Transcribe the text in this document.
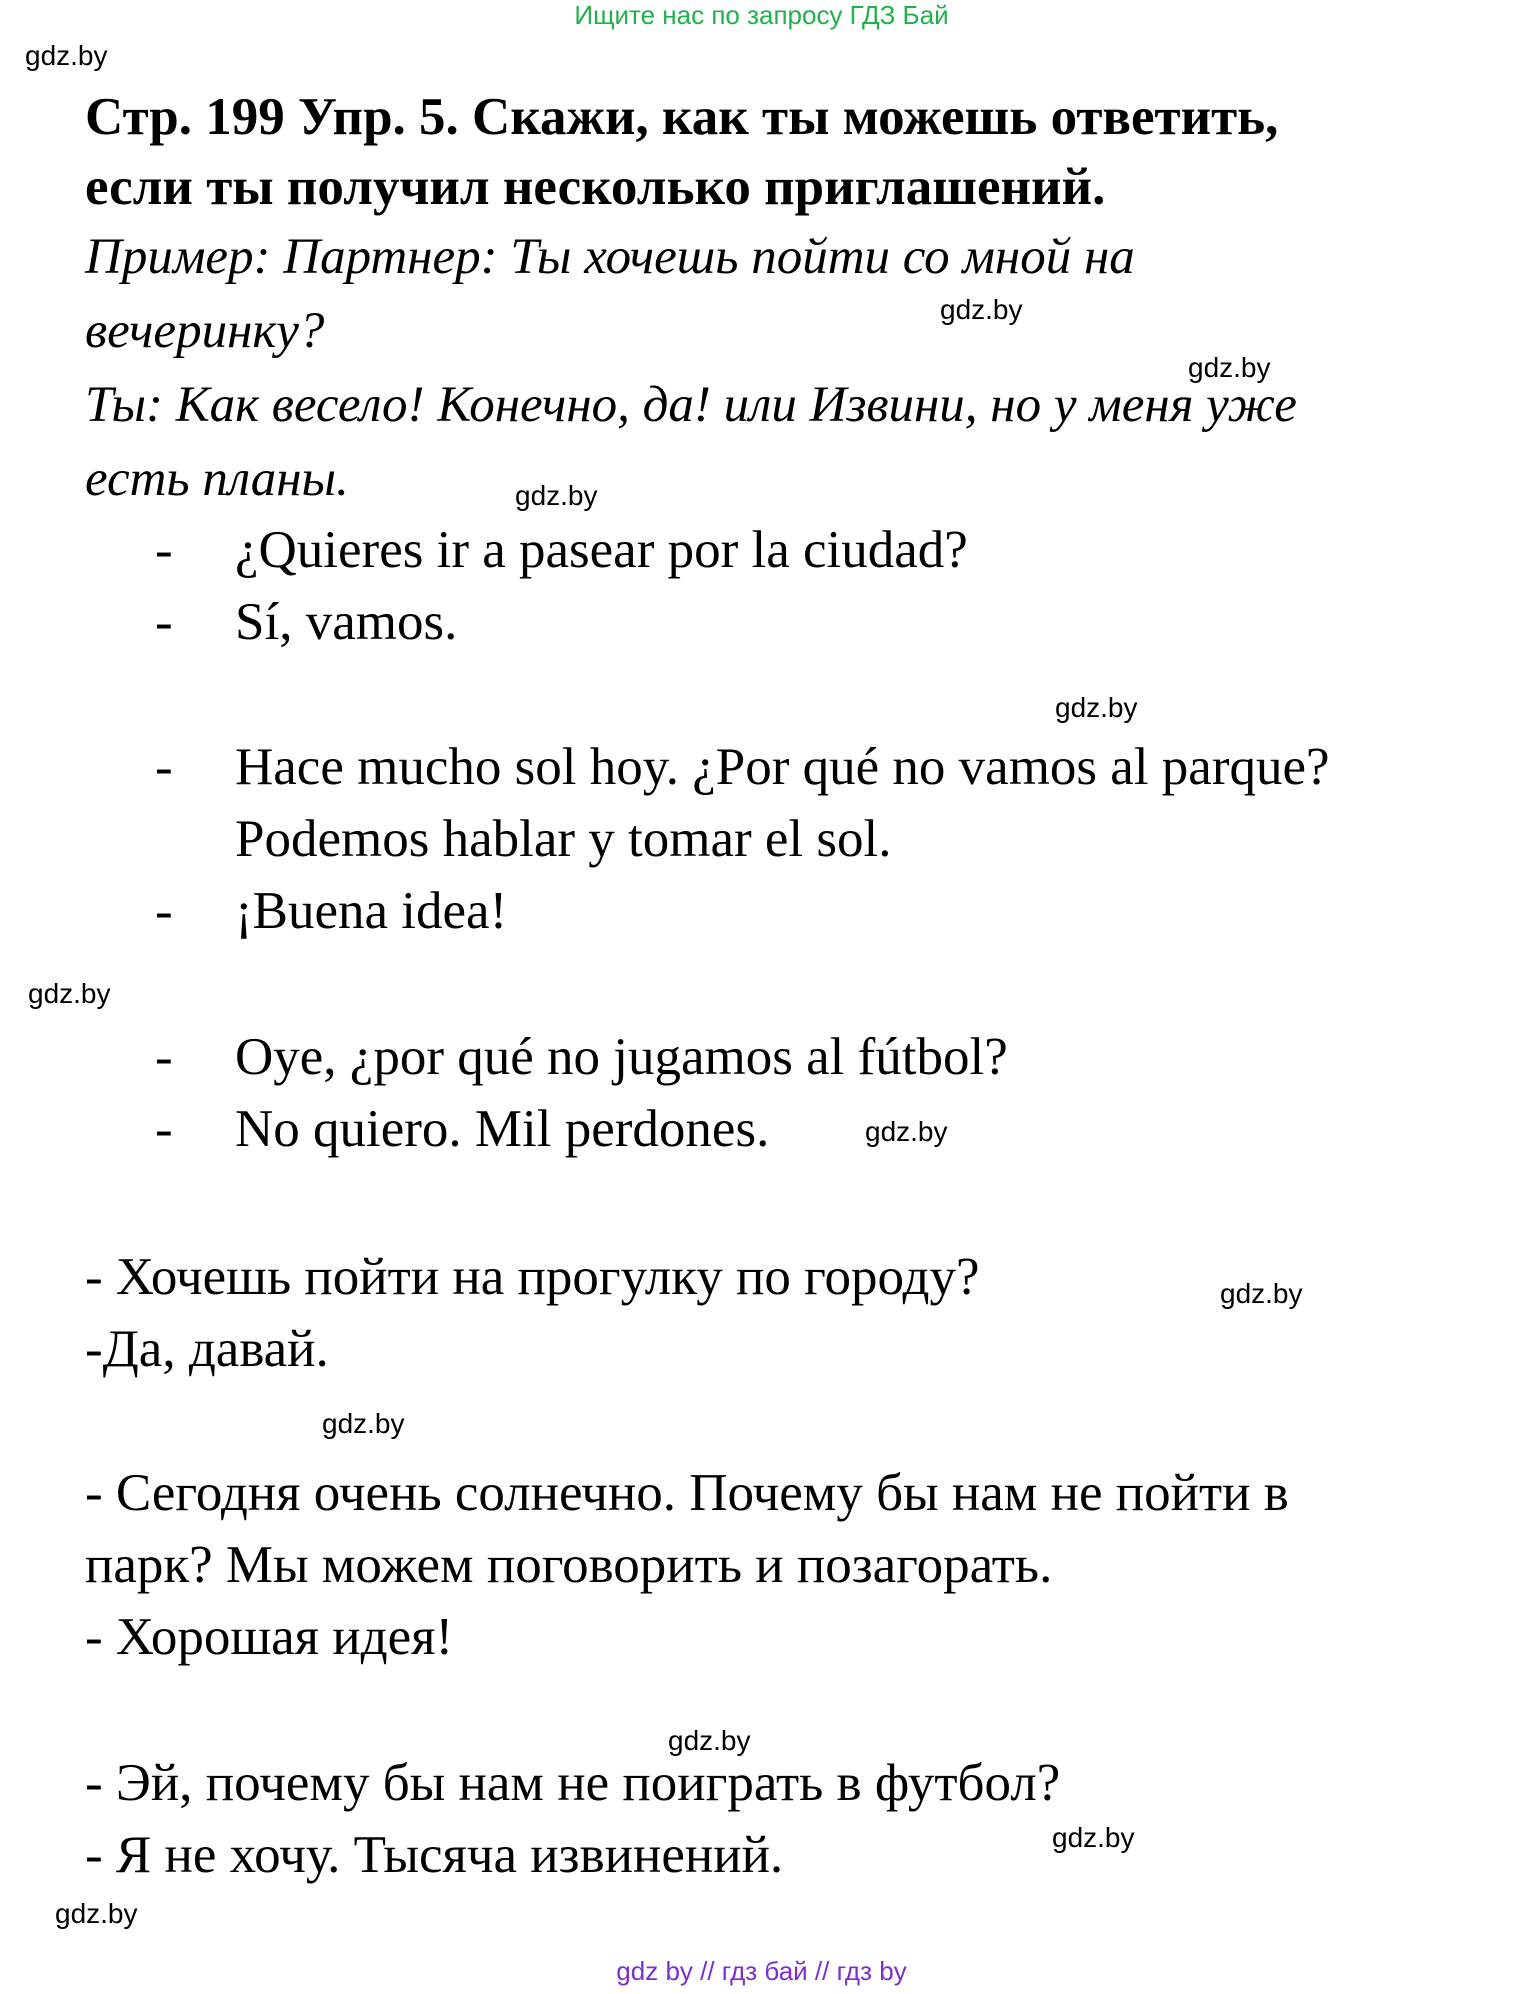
Ищите нас по запросу ГДЗ Бай
Стр. 199 Упр. 5. Скажи, как ты можешь ответить,
если ты получил несколько приглашений.
Пример: Партнер: Ты хочешь пойти со мной на
вечеринку?
Ты: Как весело! Конечно, да! или Извини, но у меня уже
есть планы.
- ¿Quieres ir a pasear por la ciudad?
- Sí, vamos.
- Hace mucho sol hoy. ¿Por qué no vamos al parque?
Podemos hablar y tomar el sol.
- ¡Buena idea!
- Oye, ¿por qué no jugamos al fútbol?
- No quiero. Mil perdones.
- Хочешь пойти на прогулку по городу?
-Да, давай.
- Сегодня очень солнечно. Почему бы нам не пойти в
парк? Мы можем поговорить и позагорать.
- Хорошая идея!
- Эй, почему бы нам не поиграть в футбол?
- Я не хочу. Тысяча извинений.
gdz.by
gdz.by
gdz.by
gdz.by
gdz.by
gdz.by
gdz.by
gdz.by
gdz.by
gdz.by
gdz.by
gdz.by
gdz by // гдз бай // гдз by
